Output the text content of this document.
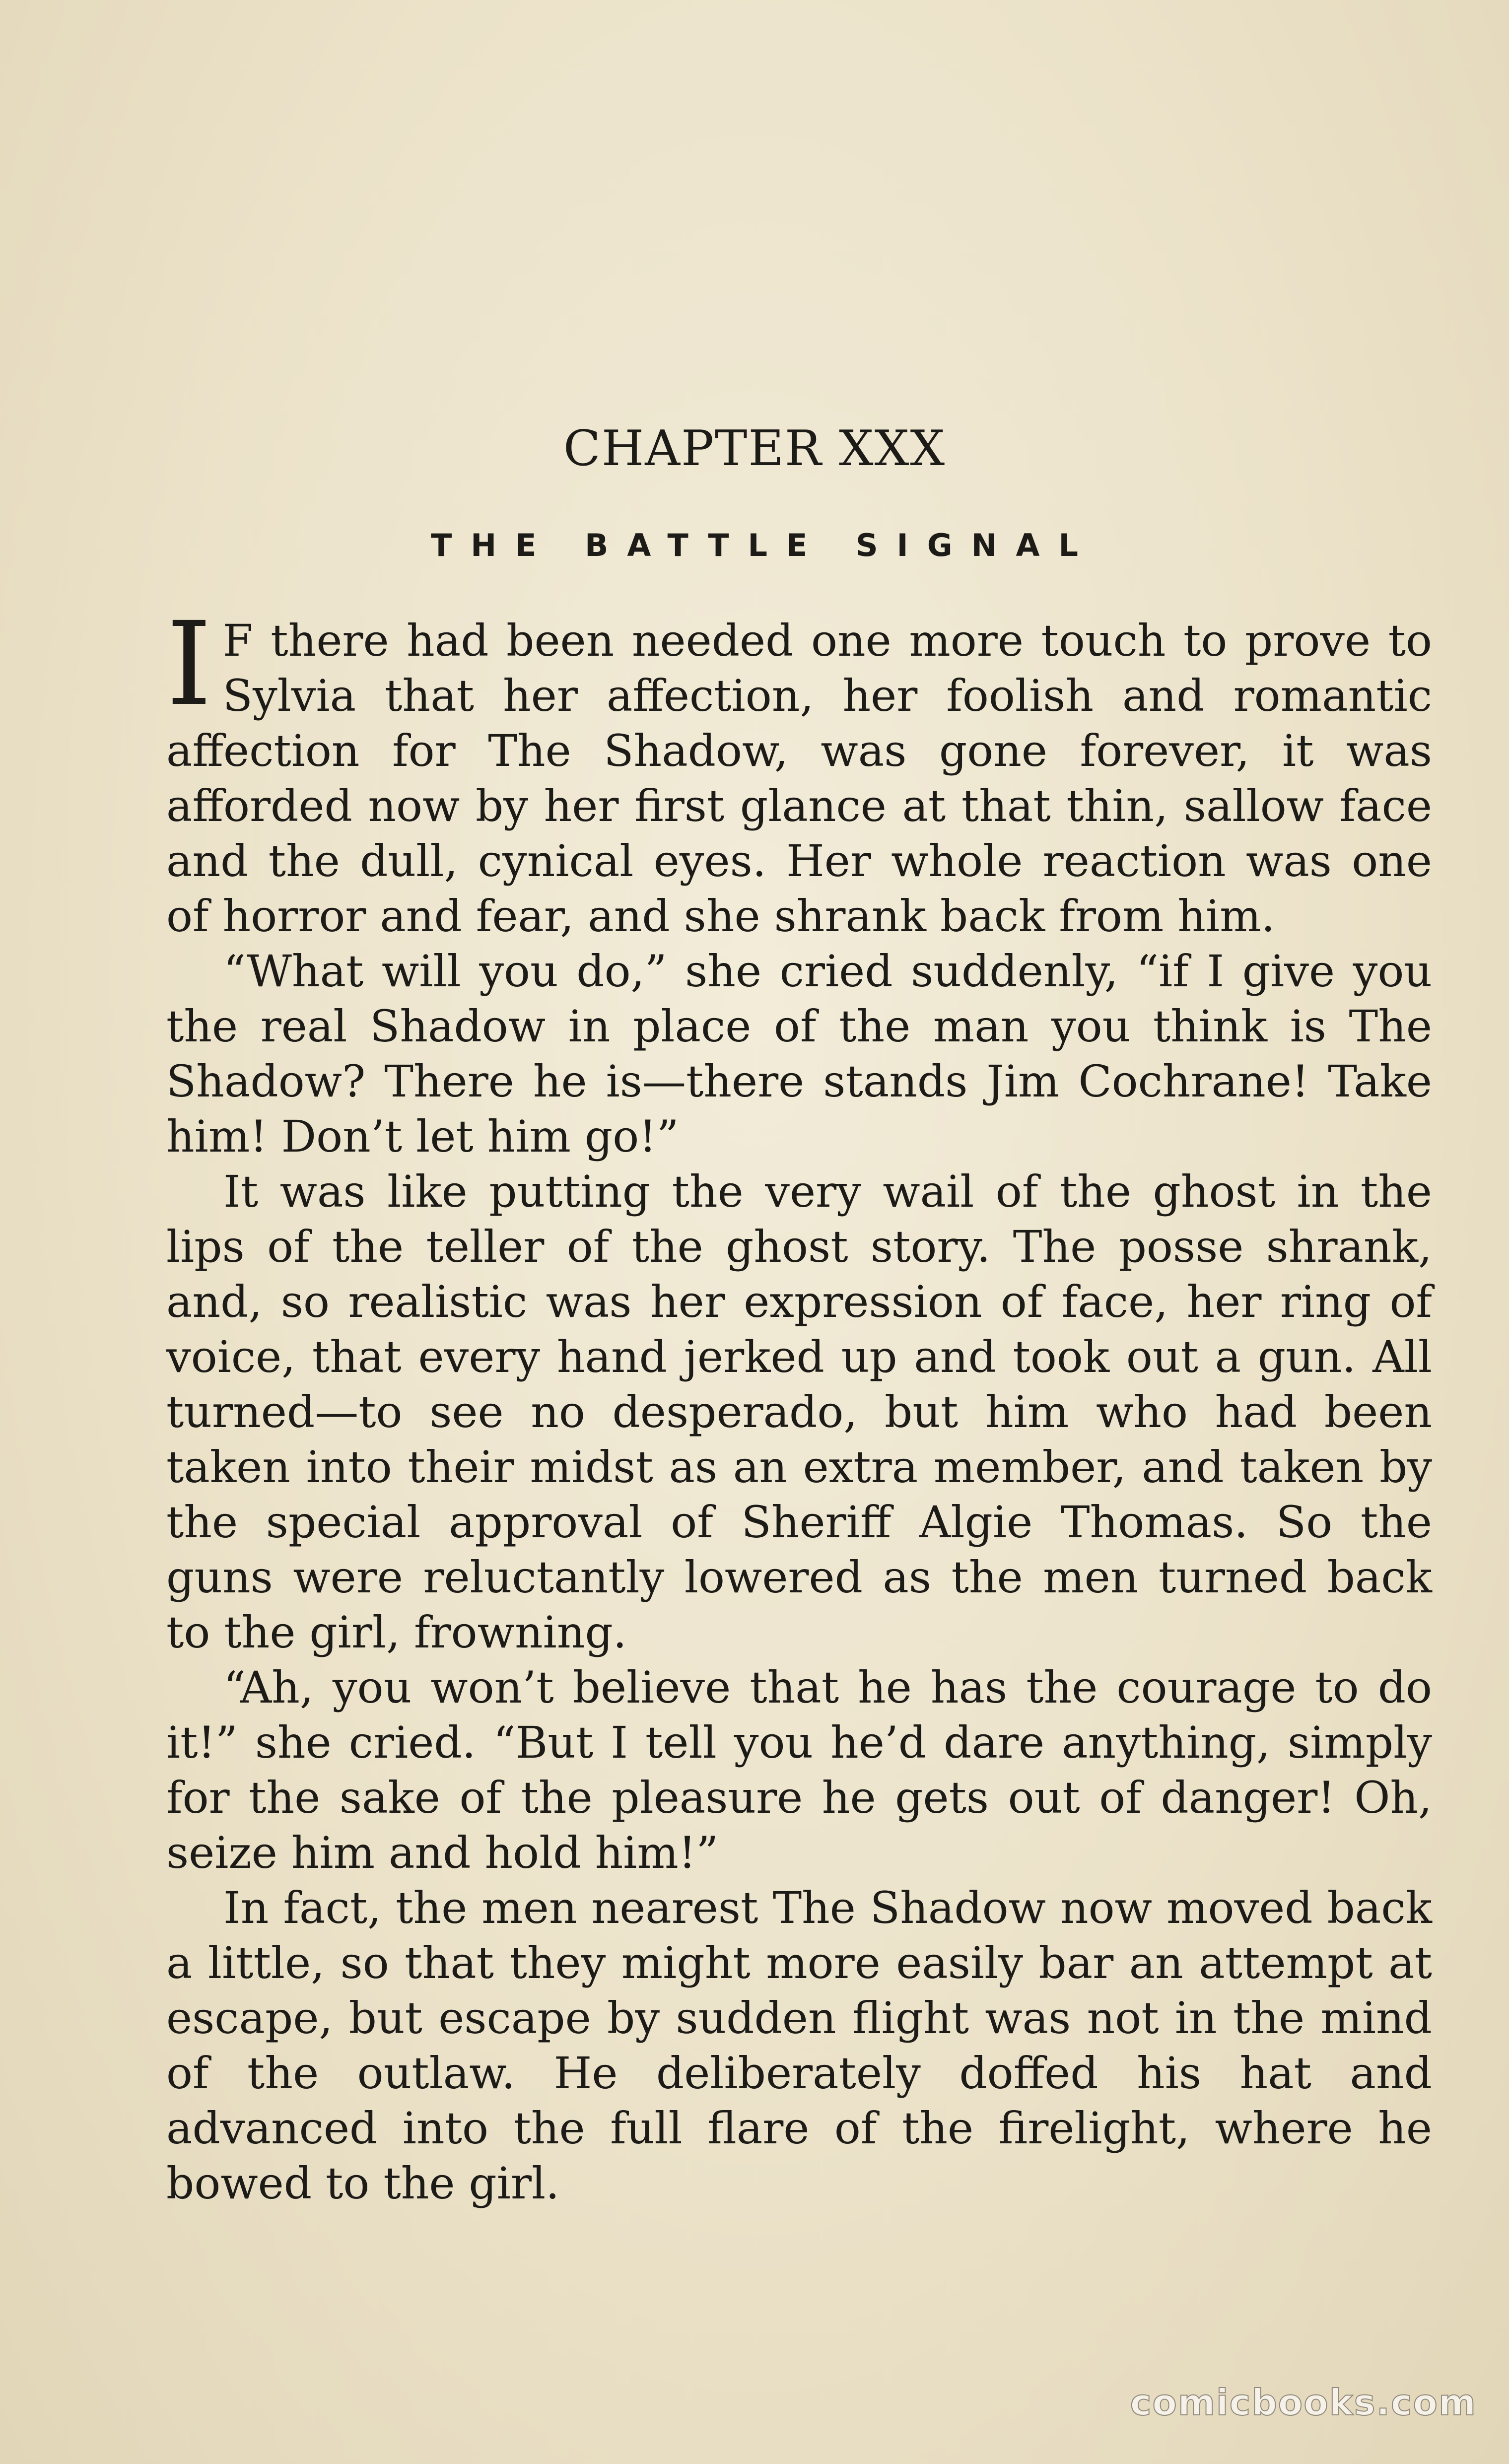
CHAPTER XXX
THE BATTLE SIGNAL

IF there had been needed one more touch to prove to Sylvia that her affection, her foolish and romantic affection for The Shadow, was gone forever, it was afforded now by her first glance at that thin, sallow face and the dull, cynical eyes. Her whole reaction was one of horror and fear, and she shrank back from him.

“What will you do,” she cried suddenly, “if I give you the real Shadow in place of the man you think is The Shadow? There he is—there stands Jim Cochrane! Take him! Don’t let him go!”

It was like putting the very wail of the ghost in the lips of the teller of the ghost story. The posse shrank, and, so realistic was her expression of face, her ring of voice, that every hand jerked up and took out a gun. All turned—to see no desperado, but him who had been taken into their midst as an extra member, and taken by the special approval of Sheriff Algie Thomas. So the guns were reluctantly lowered as the men turned back to the girl, frowning.

“Ah, you won’t believe that he has the courage to do it!” she cried. “But I tell you he’d dare anything, simply for the sake of the pleasure he gets out of danger! Oh, seize him and hold him!”

In fact, the men nearest The Shadow now moved back a little, so that they might more easily bar an attempt at escape, but escape by sudden flight was not in the mind of the outlaw. He deliberately doffed his hat and advanced into the full flare of the firelight, where he bowed to the girl.

comicbooks.com
